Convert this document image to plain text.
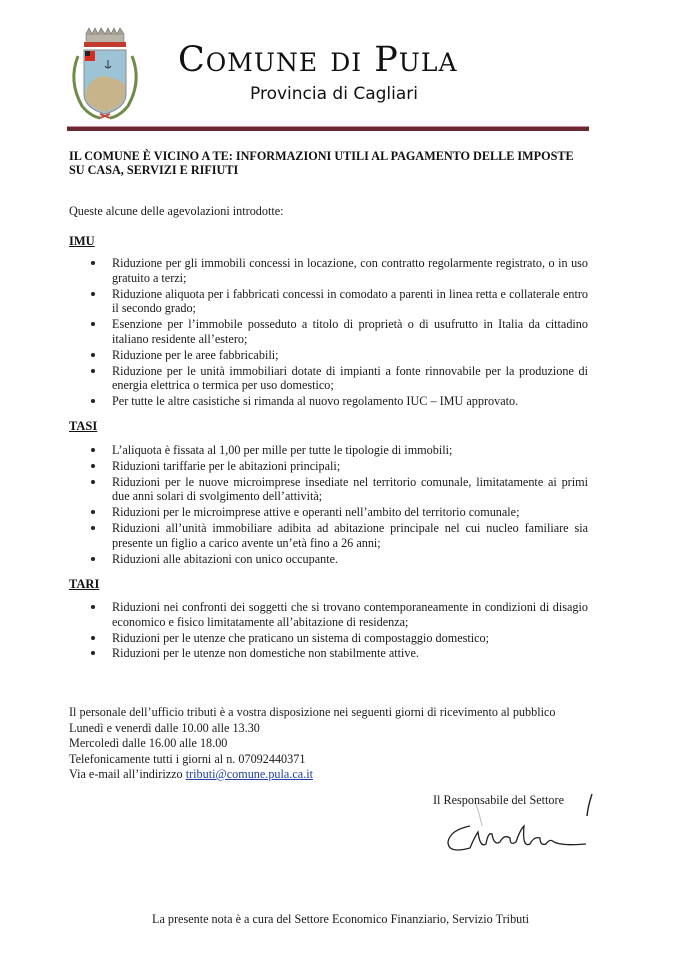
Comune di Pula
Provincia di Cagliari
IL COMUNE È VICINO A TE: INFORMAZIONI UTILI AL PAGAMENTO DELLE IMPOSTE SU CASA, SERVIZI E RIFIUTI
Queste alcune delle agevolazioni introdotte:
IMU
Riduzione per gli immobili concessi in locazione, con contratto regolarmente registrato, o in uso gratuito a terzi;
Riduzione aliquota per i fabbricati concessi in comodato a parenti in linea retta e collaterale entro il secondo grado;
Esenzione per l’immobile posseduto a titolo di proprietà o di usufrutto in Italia da cittadino italiano residente all’estero;
Riduzione per le aree fabbricabili;
Riduzione per le unità immobiliari dotate di impianti a fonte rinnovabile per la produzione di energia elettrica o termica per uso domestico;
Per tutte le altre casistiche si rimanda al nuovo regolamento IUC – IMU approvato.
TASI
L’aliquota è fissata al 1,00 per mille per tutte le tipologie di immobili;
Riduzioni tariffarie per le abitazioni principali;
Riduzioni per le nuove microimprese insediate nel territorio comunale, limitatamente ai primi due anni solari di svolgimento dell’attività;
Riduzioni per le microimprese attive e operanti nell’ambito del territorio comunale;
Riduzioni all’unità immobiliare adibita ad abitazione principale nel cui nucleo familiare sia presente un figlio a carico avente un’età fino a 26 anni;
Riduzioni alle abitazioni con unico occupante.
TARI
Riduzioni nei confronti dei soggetti che si trovano contemporaneamente in condizioni di disagio economico e fisico limitatamente all’abitazione di residenza;
Riduzioni per le utenze che praticano un sistema di compostaggio domestico;
Riduzioni per le utenze non domestiche non stabilmente attive.
Il personale dell’ufficio tributi è a vostra disposizione nei seguenti giorni di ricevimento al pubblico
Lunedì e venerdì dalle 10.00 alle 13.30
Mercoledì dalle 16.00 alle 18.00
Telefonicamente tutti i giorni al n. 07092440371
Via e-mail all’indirizzo tributi@comune.pula.ca.it
Il Responsabile del Settore
La presente nota è a cura del Settore Economico Finanziario, Servizio Tributi
